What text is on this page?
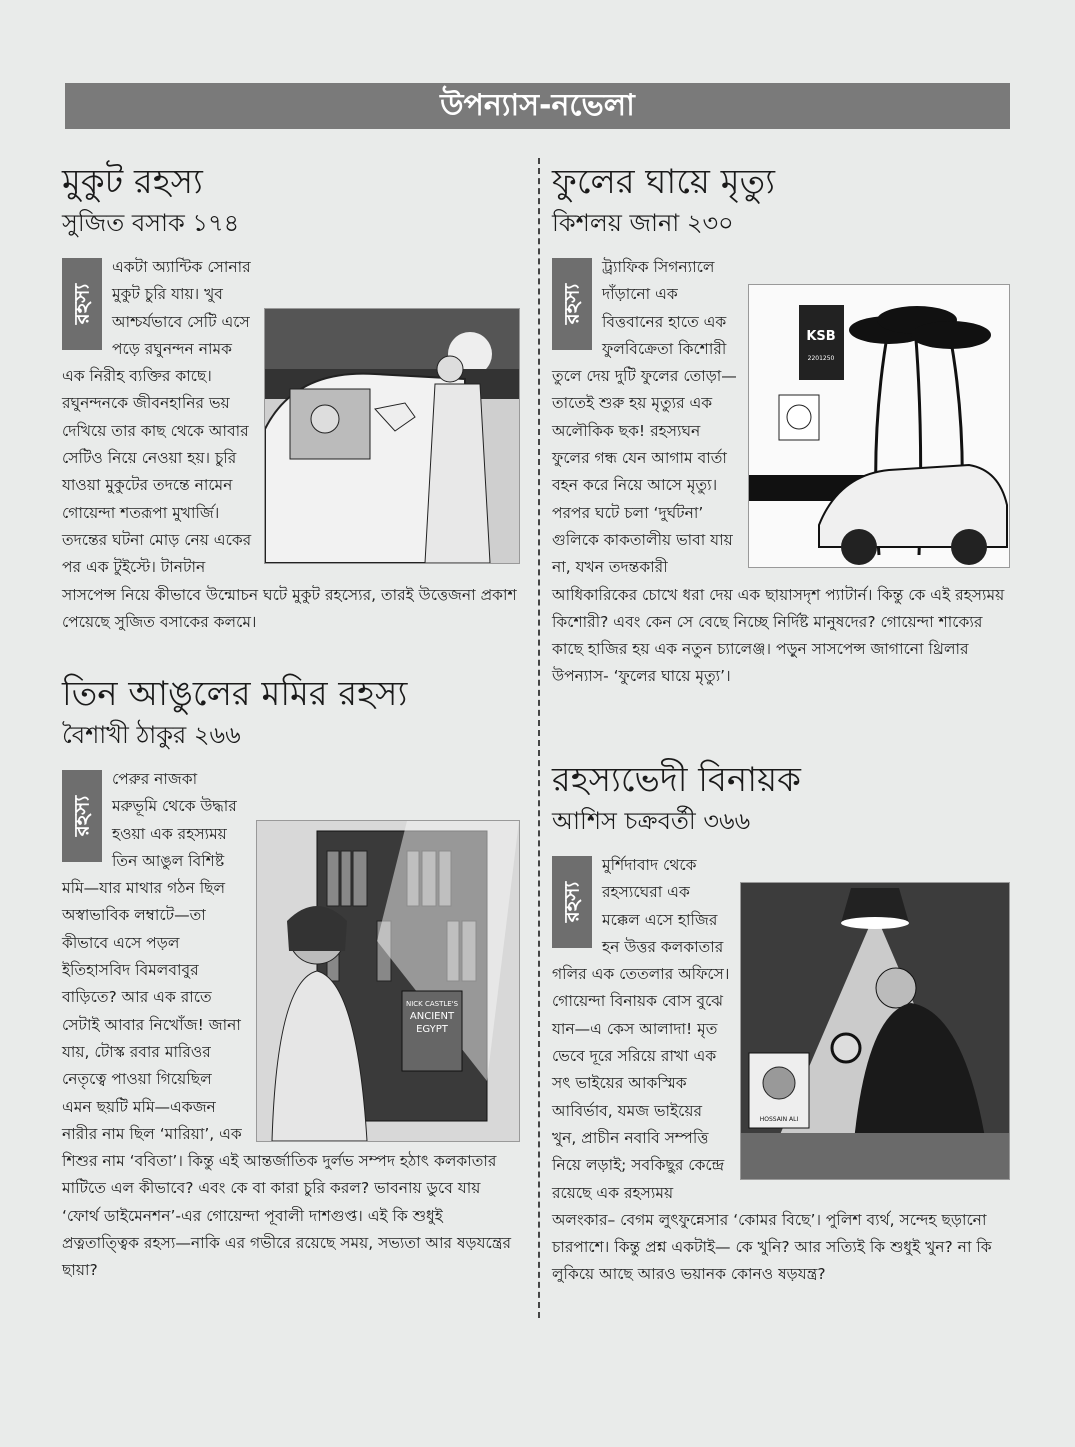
উপন্যাস-নভেলা
মুকুট রহস্য
সুজিত বসাক ১৭৪
রহস্য
একটা অ্যান্টিক সোনার মুকুট চুরি যায়। খুব আশ্চর্যভাবে সেটি এসে পড়ে রঘুনন্দন নামক এক নিরীহ ব্যক্তির কাছে। রঘুনন্দনকে জীবনহানির ভয় দেখিয়ে তার কাছ থেকে আবার সেটিও নিয়ে নেওয়া হয়। চুরি যাওয়া মুকুটের তদন্তে নামেন গোয়েন্দা শতরূপা মুখার্জি। তদন্তের ঘটনা মোড় নেয় একের পর এক টুইস্টে। টানটান সাসপেন্স নিয়ে কীভাবে উন্মোচন ঘটে মুকুট রহস্যের, তারই উত্তেজনা প্রকাশ পেয়েছে সুজিত বসাকের কলমে।
তিন আঙুলের মমির রহস্য
বৈশাখী ঠাকুর ২৬৬
রহস্য
NICK CASTLE'S
ANCIENT
EGYPT
পেরুর নাজকা মরুভূমি থেকে উদ্ধার হওয়া এক রহস্যময় তিন আঙুল বিশিষ্ট মমি—যার মাথার গঠন ছিল অস্বাভাবিক লম্বাটে—তা কীভাবে এসে পড়ল ইতিহাসবিদ বিমলবাবুর বাড়িতে? আর এক রাতে সেটাই আবার নিখোঁজ! জানা যায়, টোস্ক রবার মারিওর নেতৃত্বে পাওয়া গিয়েছিল এমন ছয়টি মমি—একজন নারীর নাম ছিল ‘মারিয়া’, এক শিশুর নাম ‘ববিতা’। কিন্তু এই আন্তর্জাতিক দুর্লভ সম্পদ হঠাৎ কলকাতার মাটিতে এল কীভাবে? এবং কে বা কারা চুরি করল? ভাবনায় ডুবে যায় ‘ফোর্থ ডাইমেনশন’-এর গোয়েন্দা পূবালী দাশগুপ্ত। এই কি শুধুই প্রত্নতাত্ত্বিক রহস্য—নাকি এর গভীরে রয়েছে সময়, সভ্যতা আর ষড়যন্ত্রের ছায়া?
ফুলের ঘায়ে মৃত্যু
কিশলয় জানা ২৩০
রহস্য
KSB
2201250
ট্র্যাফিক সিগন্যালে দাঁড়ানো এক বিত্তবানের হাতে এক ফুলবিক্রেতা কিশোরী তুলে দেয় দুটি ফুলের তোড়া—তাতেই শুরু হয় মৃত্যুর এক অলৌকিক ছক! রহস্যঘন ফুলের গন্ধ যেন আগাম বার্তা বহন করে নিয়ে আসে মৃত্যু। পরপর ঘটে চলা ‘দুর্ঘটনা’ গুলিকে কাকতালীয় ভাবা যায় না, যখন তদন্তকারী আধিকারিকের চোখে ধরা দেয় এক ছায়াসদৃশ প্যাটার্ন। কিন্তু কে এই রহস্যময় কিশোরী? এবং কেন সে বেছে নিচ্ছে নির্দিষ্ট মানুষদের? গোয়েন্দা শাক্যের কাছে হাজির হয় এক নতুন চ্যালেঞ্জ। পড়ুন সাসপেন্স জাগানো থ্রিলার উপন্যাস- ‘ফুলের ঘায়ে মৃত্যু’।
রহস্যভেদী বিনায়ক
আশিস চক্রবর্তী ৩৬৬
রহস্য
HOSSAIN ALI
মুর্শিদাবাদ থেকে রহস্যঘেরা এক মক্কেল এসে হাজির হন উত্তর কলকাতার গলির এক তেতলার অফিসে। গোয়েন্দা বিনায়ক বোস বুঝে যান—এ কেস আলাদা! মৃত ভেবে দূরে সরিয়ে রাখা এক সৎ ভাইয়ের আকস্মিক আবির্ভাব, যমজ ভাইয়ের খুন, প্রাচীন নবাবি সম্পত্তি নিয়ে লড়াই; সবকিছুর কেন্দ্রে রয়েছে এক রহস্যময় অলংকার– বেগম লুৎফুন্নেসার ‘কোমর বিছে’। পুলিশ ব্যর্থ, সন্দেহ ছড়ানো চারপাশে। কিন্তু প্রশ্ন একটাই— কে খুনি? আর সত্যিই কি শুধুই খুন? না কি লুকিয়ে আছে আরও ভয়ানক কোনও ষড়যন্ত্র?
